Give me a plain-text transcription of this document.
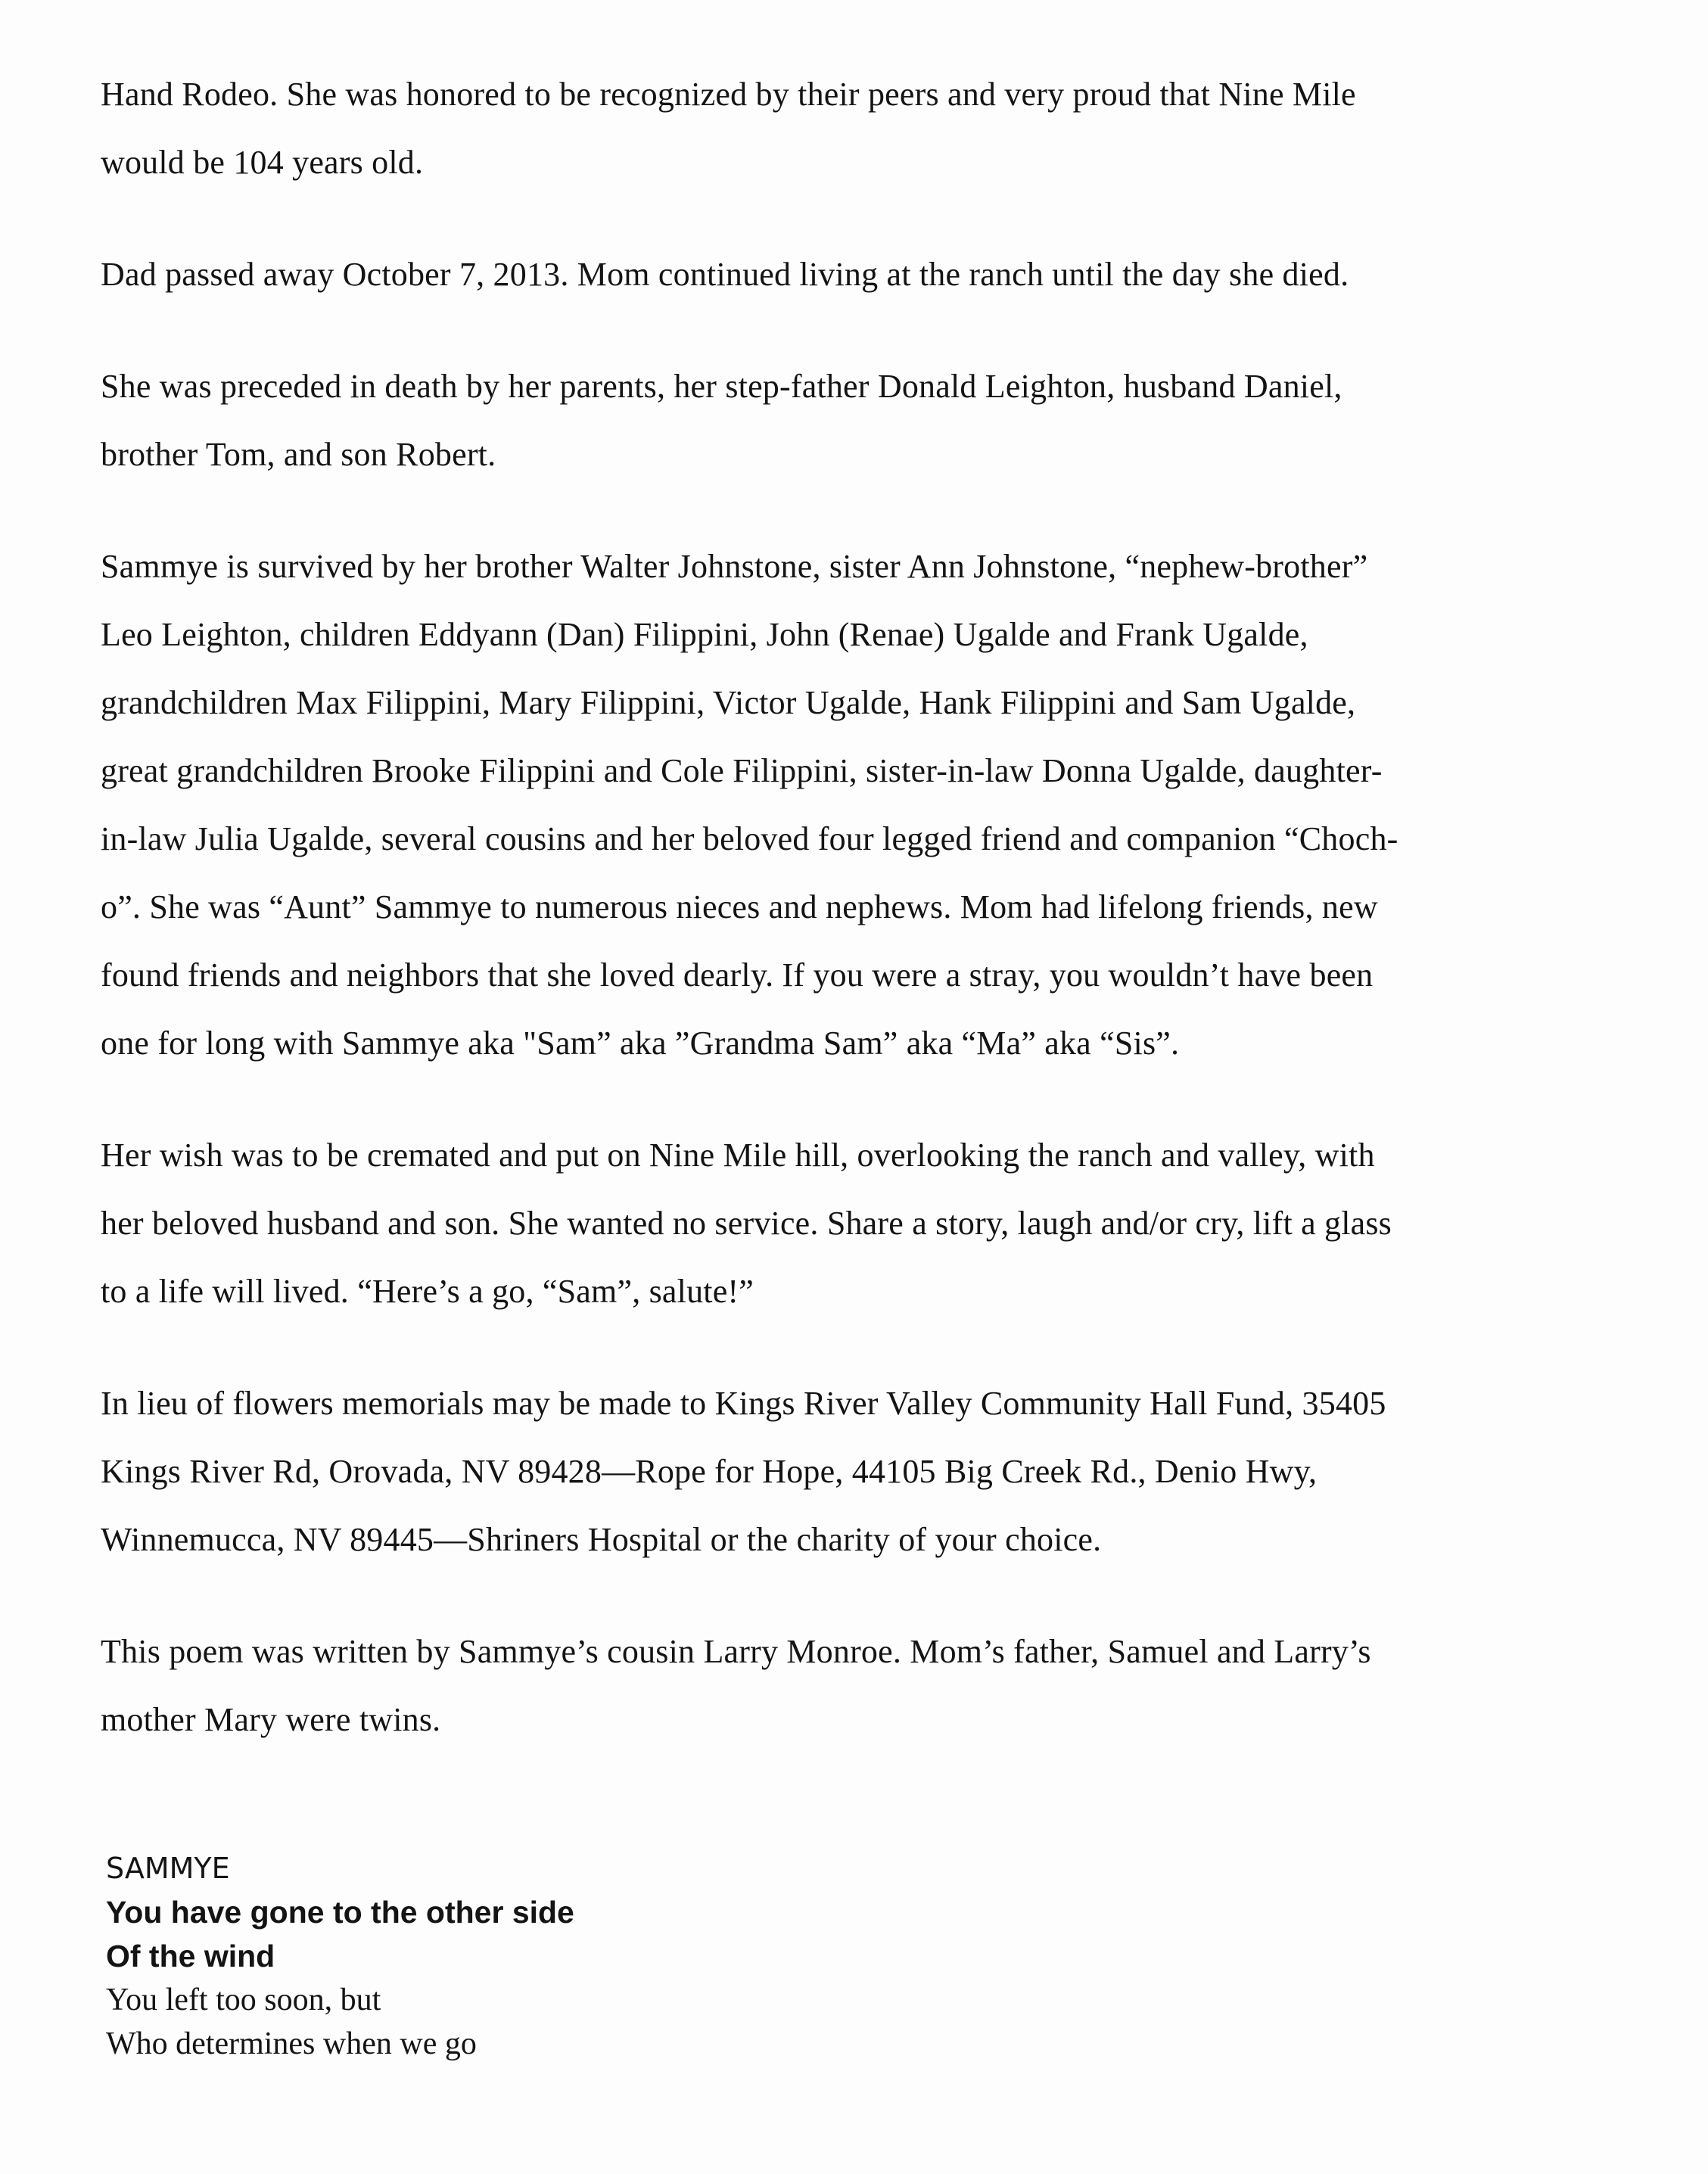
Hand Rodeo. She was honored to be recognized by their peers and very proud that Nine Mile
would be 104 years old.

Dad passed away October 7, 2013. Mom continued living at the ranch until the day she died.

She was preceded in death by her parents, her step-father Donald Leighton, husband Daniel,
brother Tom, and son Robert.

Sammye is survived by her brother Walter Johnstone, sister Ann Johnstone, “nephew-brother”
Leo Leighton, children Eddyann (Dan) Filippini, John (Renae) Ugalde and Frank Ugalde,
grandchildren Max Filippini, Mary Filippini, Victor Ugalde, Hank Filippini and Sam Ugalde,
great grandchildren Brooke Filippini and Cole Filippini, sister-in-law Donna Ugalde, daughter-
in-law Julia Ugalde, several cousins and her beloved four legged friend and companion “Choch-
o”. She was “Aunt” Sammye to numerous nieces and nephews. Mom had lifelong friends, new
found friends and neighbors that she loved dearly. If you were a stray, you wouldn’t have been
one for long with Sammye aka "Sam” aka ”Grandma Sam” aka “Ma” aka “Sis”.

Her wish was to be cremated and put on Nine Mile hill, overlooking the ranch and valley, with
her beloved husband and son. She wanted no service. Share a story, laugh and/or cry, lift a glass
to a life will lived. “Here’s a go, “Sam”, salute!”

In lieu of flowers memorials may be made to Kings River Valley Community Hall Fund, 35405
Kings River Rd, Orovada, NV 89428—Rope for Hope, 44105 Big Creek Rd., Denio Hwy,
Winnemucca, NV 89445—Shriners Hospital or the charity of your choice.

This poem was written by Sammye’s cousin Larry Monroe. Mom’s father, Samuel and Larry’s
mother Mary were twins.

SAMMYE
You have gone to the other side
Of the wind
You left too soon, but
Who determines when we go
